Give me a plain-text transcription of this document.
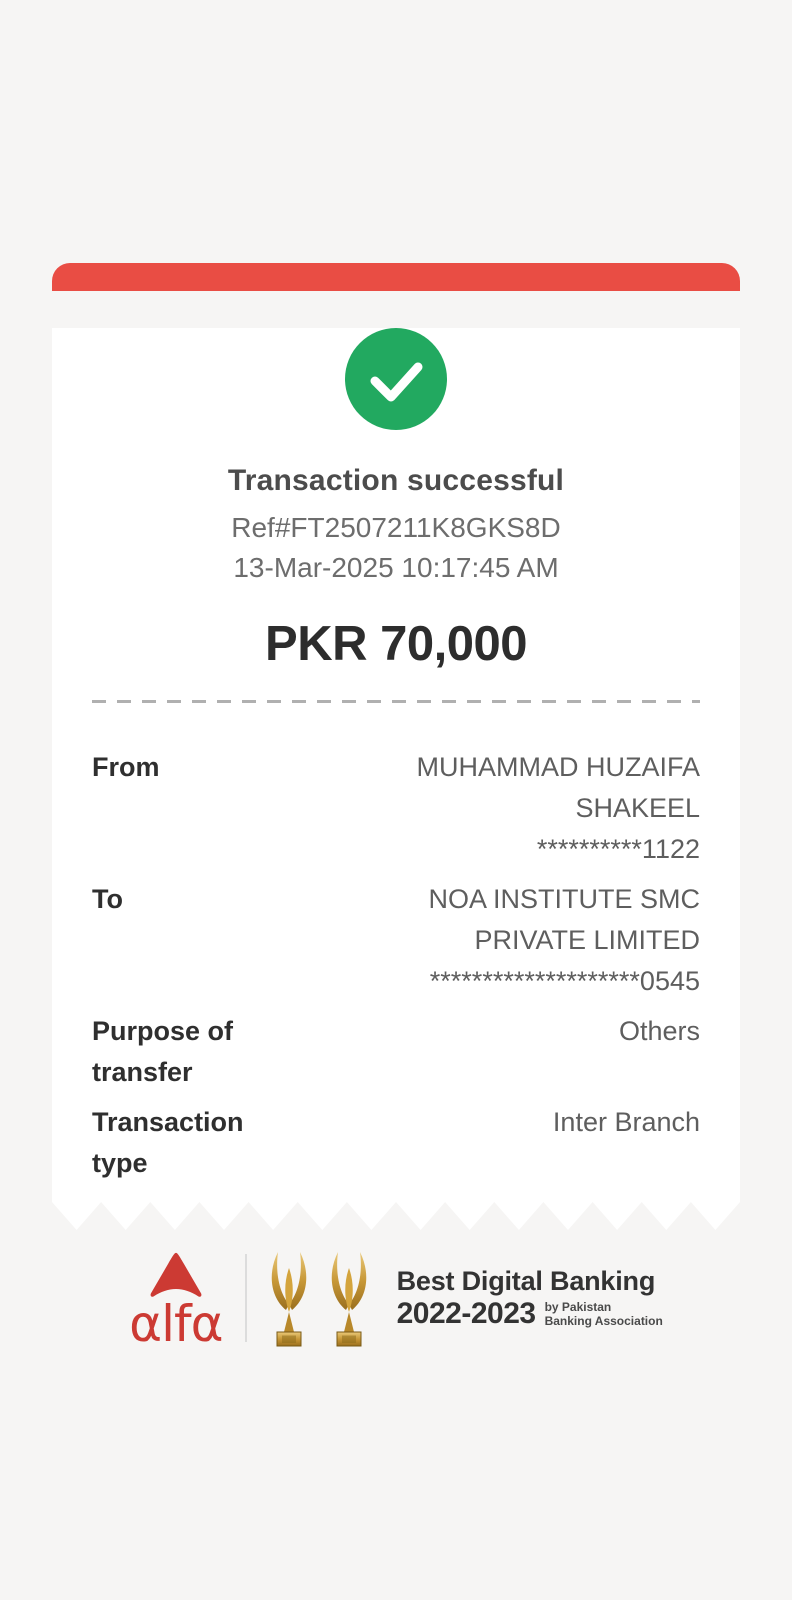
Transaction successful
Ref#FT2507211K8GKS8D
13-Mar-2025 10:17:45 AM
PKR 70,000
From	MUHAMMAD HUZAIFA
SHAKEEL
**********1122
To	NOA INSTITUTE SMC
PRIVATE LIMITED
********************0545
Purpose of transfer
Others
Transaction type
Inter Branch
αlfα
Best Digital Banking
2022-2023 by Pakistan
Banking Association
